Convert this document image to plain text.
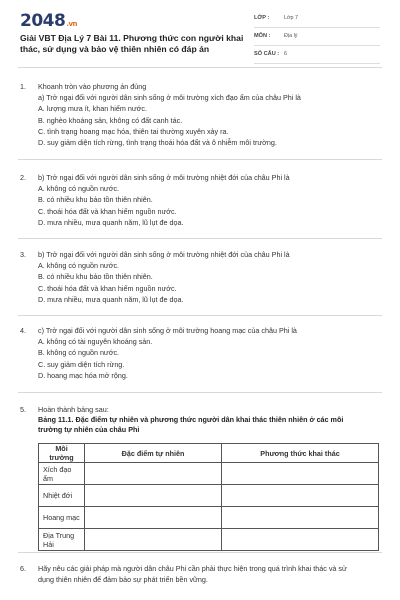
2048.vn
Giải VBT Địa Lý 7 Bài 11. Phương thức con người khai thác, sử dụng và bảo vệ thiên nhiên có đáp án
LỚP :	Lớp 7
MÔN :	Địa lý
SỐ CÂU : 6
1. Khoanh tròn vào phương án đúng
a) Trở ngại đối với người dân sinh sống ở môi trường xích đạo ẩm của châu Phi là
A. lượng mưa ít, khan hiếm nước.
B. nghèo khoáng sản, không có đất canh tác.
C. tình trạng hoang mạc hóa, thiên tai thường xuyên xảy ra.
D. suy giảm diện tích rừng, tình trạng thoái hóa đất và ô nhiễm môi trường.
2. b) Trở ngại đối với người dân sinh sống ở môi trường nhiệt đới của châu Phi là
A. không có nguồn nước.
B. có nhiều khu bảo tồn thiên nhiên.
C. thoái hóa đất và khan hiếm nguồn nước.
D. mưa nhiều, mưa quanh năm, lũ lụt đe dọa.
3. b) Trở ngại đối với người dân sinh sống ở môi trường nhiệt đới của châu Phi là
A. không có nguồn nước.
B. có nhiều khu bảo tồn thiên nhiên.
C. thoái hóa đất và khan hiếm nguồn nước.
D. mưa nhiều, mưa quanh năm, lũ lụt đe dọa.
4. c) Trở ngại đối với người dân sinh sống ở môi trường hoang mạc của châu Phi là
A. không có tài nguyên khoáng sản.
B. không có nguồn nước.
C. suy giảm diện tích rừng.
D. hoang mạc hóa mở rộng.
5. Hoàn thành bảng sau:
Bảng 11.1. Đặc điểm tự nhiên và phương thức người dân khai thác thiên nhiên ở các môi
trường tự nhiên của châu Phi
Môi trường	Đặc điểm tự nhiên	Phương thức khai thác
Xích đạo ẩm		
Nhiệt đới		
Hoang mạc		
Địa Trung Hải		
6. Hãy nêu các giải pháp mà người dân châu Phi cần phải thực hiện trong quá trình khai thác và sử
dụng thiên nhiên để đảm bảo sự phát triển bền vững.
